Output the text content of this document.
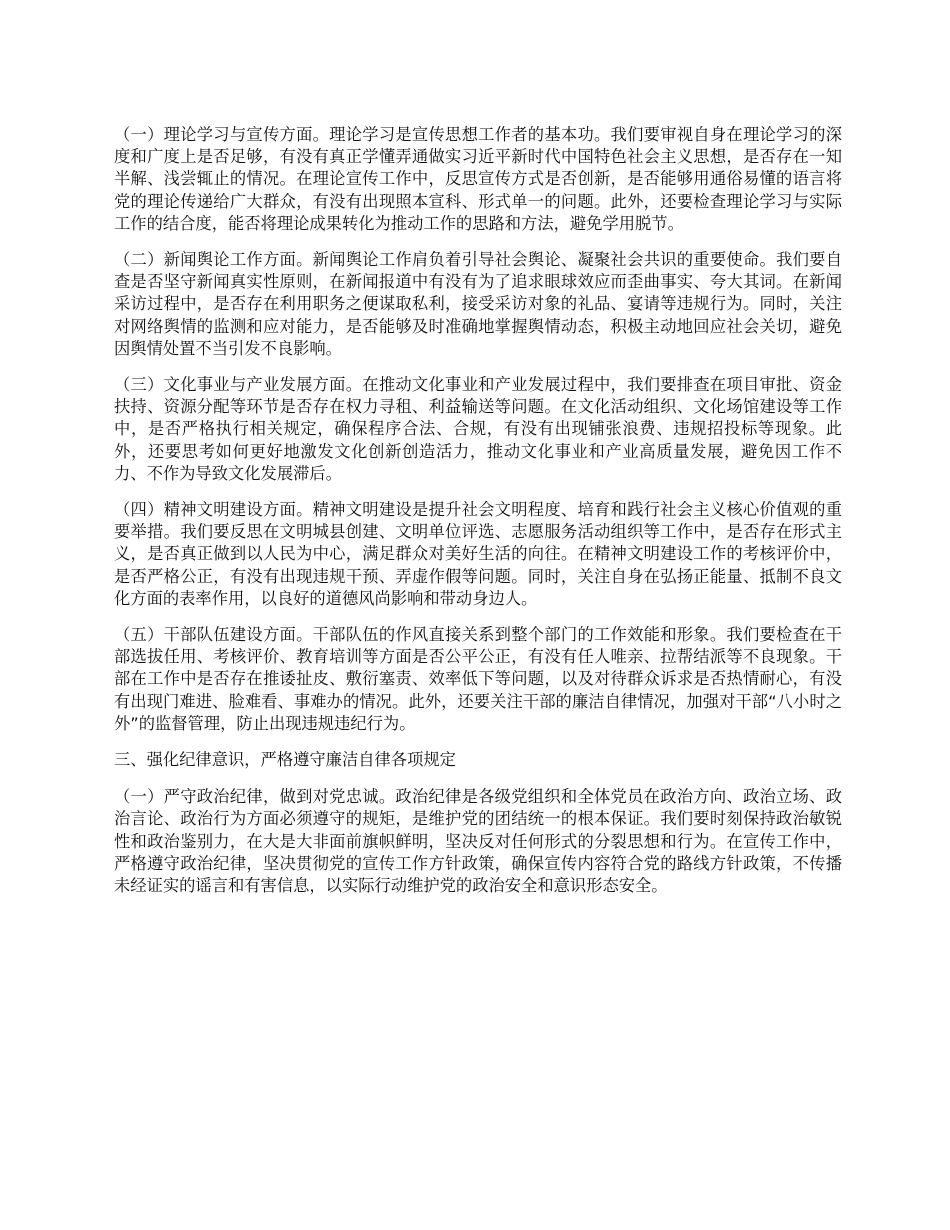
（一）理论学习与宣传方面。理论学习是宣传思想工作者的基本功。我们要审视自身在理论学习的深度和广度上是否足够，有没有真正学懂弄通做实习近平新时代中国特色社会主义思想，是否存在一知半解、浅尝辄止的情况。在理论宣传工作中，反思宣传方式是否创新，是否能够用通俗易懂的语言将党的理论传递给广大群众，有没有出现照本宣科、形式单一的问题。此外，还要检查理论学习与实际工作的结合度，能否将理论成果转化为推动工作的思路和方法，避免学用脱节。

（二）新闻舆论工作方面。新闻舆论工作肩负着引导社会舆论、凝聚社会共识的重要使命。我们要自查是否坚守新闻真实性原则，在新闻报道中有没有为了追求眼球效应而歪曲事实、夸大其词。在新闻采访过程中，是否存在利用职务之便谋取私利，接受采访对象的礼品、宴请等违规行为。同时，关注对网络舆情的监测和应对能力，是否能够及时准确地掌握舆情动态，积极主动地回应社会关切，避免因舆情处置不当引发不良影响。

（三）文化事业与产业发展方面。在推动文化事业和产业发展过程中，我们要排查在项目审批、资金扶持、资源分配等环节是否存在权力寻租、利益输送等问题。在文化活动组织、文化场馆建设等工作中，是否严格执行相关规定，确保程序合法、合规，有没有出现铺张浪费、违规招投标等现象。此外，还要思考如何更好地激发文化创新创造活力，推动文化事业和产业高质量发展，避免因工作不力、不作为导致文化发展滞后。

（四）精神文明建设方面。精神文明建设是提升社会文明程度、培育和践行社会主义核心价值观的重要举措。我们要反思在文明城县创建、文明单位评选、志愿服务活动组织等工作中，是否存在形式主义，是否真正做到以人民为中心，满足群众对美好生活的向往。在精神文明建设工作的考核评价中，是否严格公正，有没有出现违规干预、弄虚作假等问题。同时，关注自身在弘扬正能量、抵制不良文化方面的表率作用，以良好的道德风尚影响和带动身边人。

（五）干部队伍建设方面。干部队伍的作风直接关系到整个部门的工作效能和形象。我们要检查在干部选拔任用、考核评价、教育培训等方面是否公平公正，有没有任人唯亲、拉帮结派等不良现象。干部在工作中是否存在推诿扯皮、敷衍塞责、效率低下等问题，以及对待群众诉求是否热情耐心，有没有出现门难进、脸难看、事难办的情况。此外，还要关注干部的廉洁自律情况，加强对干部“八小时之外”的监督管理，防止出现违规违纪行为。

三、强化纪律意识，严格遵守廉洁自律各项规定

（一）严守政治纪律，做到对党忠诚。政治纪律是各级党组织和全体党员在政治方向、政治立场、政治言论、政治行为方面必须遵守的规矩，是维护党的团结统一的根本保证。我们要时刻保持政治敏锐性和政治鉴别力，在大是大非面前旗帜鲜明，坚决反对任何形式的分裂思想和行为。在宣传工作中，严格遵守政治纪律，坚决贯彻党的宣传工作方针政策，确保宣传内容符合党的路线方针政策，不传播未经证实的谣言和有害信息，以实际行动维护党的政治安全和意识形态安全。
